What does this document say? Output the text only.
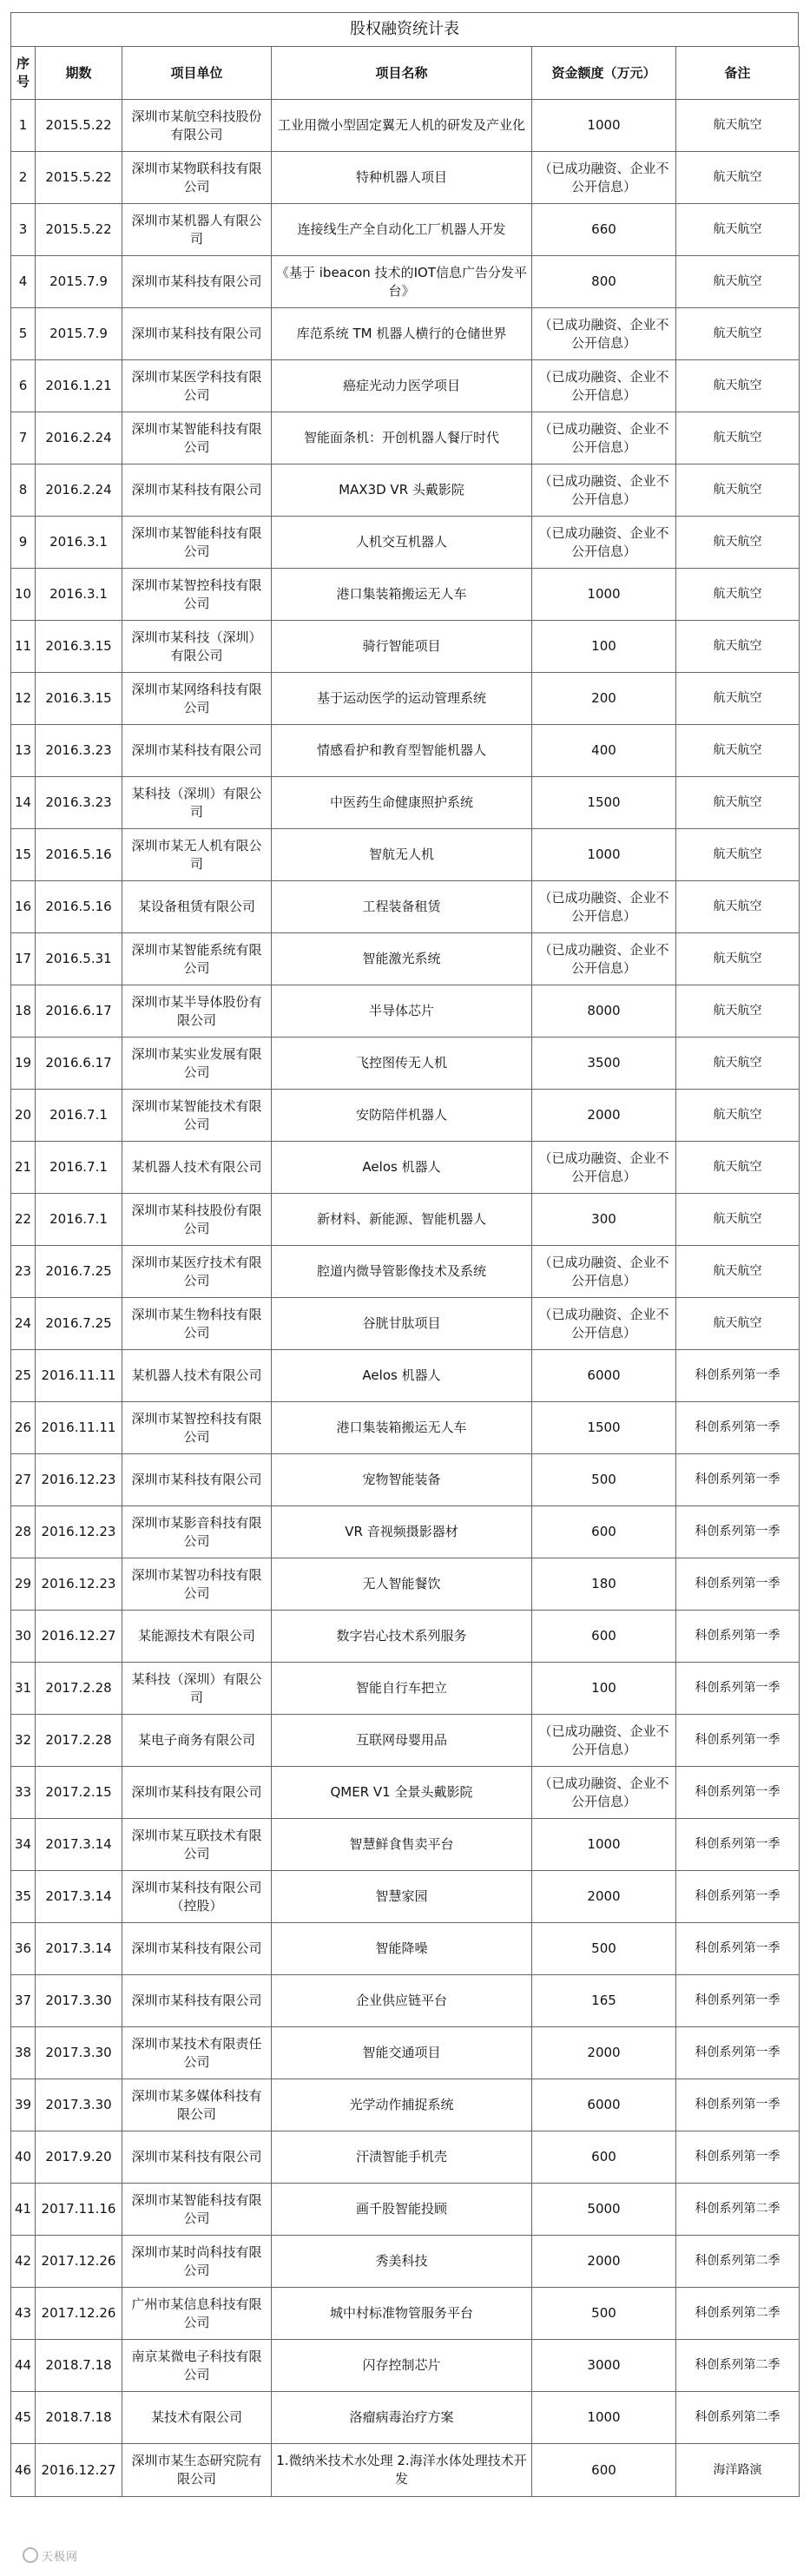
股权融资统计表
序号	期数	项目单位	项目名称	资金额度（万元）	备注
1	2015.5.22	深圳市某航空科技股份有限公司	工业用微小型固定翼无人机的研发及产业化	1000	航天航空
2	2015.5.22	深圳市某物联科技有限公司	特种机器人项目	（已成功融资、企业不公开信息）	航天航空
3	2015.5.22	深圳市某机器人有限公司	连接线生产全自动化工厂机器人开发	660	航天航空
4	2015.7.9	深圳市某科技有限公司	《基于 ibeacon 技术的IOT信息广告分发平台》	800	航天航空
5	2015.7.9	深圳市某科技有限公司	库范系统 TM 机器人横行的仓储世界	（已成功融资、企业不公开信息）	航天航空
6	2016.1.21	深圳市某医学科技有限公司	癌症光动力医学项目	（已成功融资、企业不公开信息）	航天航空
7	2016.2.24	深圳市某智能科技有限公司	智能面条机：开创机器人餐厅时代	（已成功融资、企业不公开信息）	航天航空
8	2016.2.24	深圳市某科技有限公司	MAX3D VR 头戴影院	（已成功融资、企业不公开信息）	航天航空
9	2016.3.1	深圳市某智能科技有限公司	人机交互机器人	（已成功融资、企业不公开信息）	航天航空
10	2016.3.1	深圳市某智控科技有限公司	港口集装箱搬运无人车	1000	航天航空
11	2016.3.15	深圳市某科技（深圳）有限公司	骑行智能项目	100	航天航空
12	2016.3.15	深圳市某网络科技有限公司	基于运动医学的运动管理系统	200	航天航空
13	2016.3.23	深圳市某科技有限公司	情感看护和教育型智能机器人	400	航天航空
14	2016.3.23	某科技（深圳）有限公司	中医药生命健康照护系统	1500	航天航空
15	2016.5.16	深圳市某无人机有限公司	智航无人机	1000	航天航空
16	2016.5.16	某设备租赁有限公司	工程装备租赁	（已成功融资、企业不公开信息）	航天航空
17	2016.5.31	深圳市某智能系统有限公司	智能激光系统	（已成功融资、企业不公开信息）	航天航空
18	2016.6.17	深圳市某半导体股份有限公司	半导体芯片	8000	航天航空
19	2016.6.17	深圳市某实业发展有限公司	飞控图传无人机	3500	航天航空
20	2016.7.1	深圳市某智能技术有限公司	安防陪伴机器人	2000	航天航空
21	2016.7.1	某机器人技术有限公司	Aelos 机器人	（已成功融资、企业不公开信息）	航天航空
22	2016.7.1	深圳市某科技股份有限公司	新材料、新能源、智能机器人	300	航天航空
23	2016.7.25	深圳市某医疗技术有限公司	腔道内微导管影像技术及系统	（已成功融资、企业不公开信息）	航天航空
24	2016.7.25	深圳市某生物科技有限公司	谷胱甘肽项目	（已成功融资、企业不公开信息）	航天航空
25	2016.11.11	某机器人技术有限公司	Aelos 机器人	6000	科创系列第一季
26	2016.11.11	深圳市某智控科技有限公司	港口集装箱搬运无人车	1500	科创系列第一季
27	2016.12.23	深圳市某科技有限公司	宠物智能装备	500	科创系列第一季
28	2016.12.23	深圳市某影音科技有限公司	VR 音视频摄影器材	600	科创系列第一季
29	2016.12.23	深圳市某智功科技有限公司	无人智能餐饮	180	科创系列第一季
30	2016.12.27	某能源技术有限公司	数字岩心技术系列服务	600	科创系列第一季
31	2017.2.28	某科技（深圳）有限公司	智能自行车把立	100	科创系列第一季
32	2017.2.28	某电子商务有限公司	互联网母婴用品	（已成功融资、企业不公开信息）	科创系列第一季
33	2017.2.15	深圳市某科技有限公司	QMER V1 全景头戴影院	（已成功融资、企业不公开信息）	科创系列第一季
34	2017.3.14	深圳市某互联技术有限公司	智慧鲜食售卖平台	1000	科创系列第一季
35	2017.3.14	深圳市某科技有限公司（控股）	智慧家园	2000	科创系列第一季
36	2017.3.14	深圳市某科技有限公司	智能降噪	500	科创系列第一季
37	2017.3.30	深圳市某科技有限公司	企业供应链平台	165	科创系列第一季
38	2017.3.30	深圳市某技术有限责任公司	智能交通项目	2000	科创系列第一季
39	2017.3.30	深圳市某多媒体科技有限公司	光学动作捕捉系统	6000	科创系列第一季
40	2017.9.20	深圳市某科技有限公司	汗渍智能手机壳	600	科创系列第一季
41	2017.11.16	深圳市某智能科技有限公司	画千股智能投顾	5000	科创系列第二季
42	2017.12.26	深圳市某时尚科技有限公司	秀美科技	2000	科创系列第二季
43	2017.12.26	广州市某信息科技有限公司	城中村标准物管服务平台	500	科创系列第二季
44	2018.7.18	南京某微电子科技有限公司	闪存控制芯片	3000	科创系列第二季
45	2018.7.18	某技术有限公司	洛瘤病毒治疗方案	1000	科创系列第二季
46	2016.12.27	深圳市某生态研究院有限公司	1.微纳米技术水处理 2.海洋水体处理技术开发	600	海洋路演
天极网
